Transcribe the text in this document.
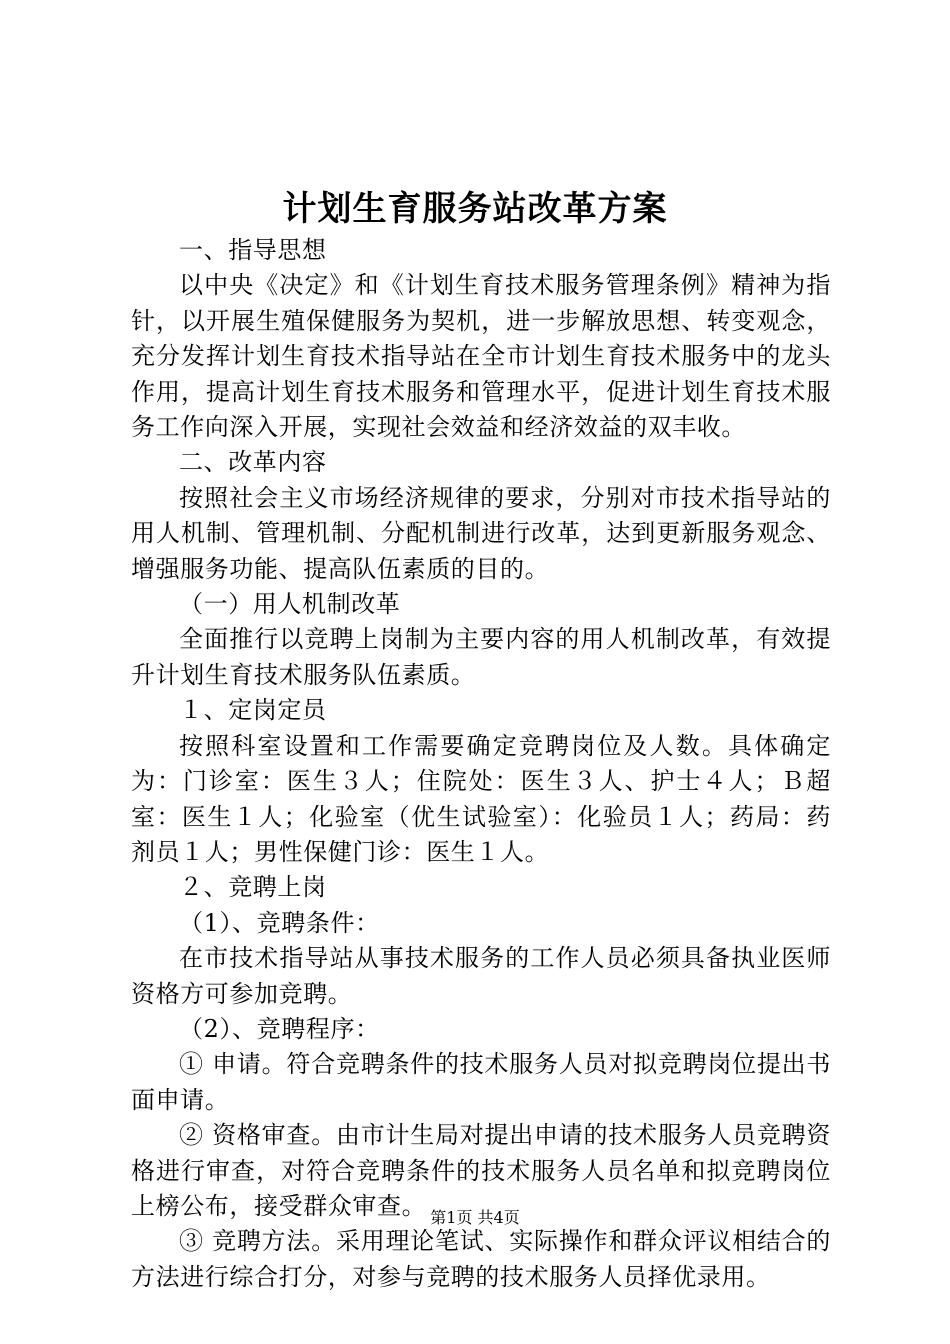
计划生育服务站改革方案

一、指导思想

以中央《决定》和《计划生育技术服务管理条例》精神为指针，以开展生殖保健服务为契机，进一步解放思想、转变观念，充分发挥计划生育技术指导站在全市计划生育技术服务中的龙头作用，提高计划生育技术服务和管理水平，促进计划生育技术服务工作向深入开展，实现社会效益和经济效益的双丰收。

二、改革内容

按照社会主义市场经济规律的要求，分别对市技术指导站的用人机制、管理机制、分配机制进行改革，达到更新服务观念、增强服务功能、提高队伍素质的目的。

（一）用人机制改革

全面推行以竞聘上岗制为主要内容的用人机制改革，有效提升计划生育技术服务队伍素质。

１、定岗定员

按照科室设置和工作需要确定竞聘岗位及人数。具体确定为：门诊室：医生３人；住院处：医生３人、护士４人；Ｂ超室：医生１人；化验室（优生试验室）：化验员１人；药局：药剂员１人；男性保健门诊：医生１人。

２、竞聘上岗

（1）、竞聘条件：

在市技术指导站从事技术服务的工作人员必须具备执业医师资格方可参加竞聘。

（2）、竞聘程序：

① 申请。符合竞聘条件的技术服务人员对拟竞聘岗位提出书面申请。

② 资格审查。由市计生局对提出申请的技术服务人员竞聘资格进行审查，对符合竞聘条件的技术服务人员名单和拟竞聘岗位上榜公布，接受群众审查。

③ 竞聘方法。采用理论笔试、实际操作和群众评议相结合的方法进行综合打分，对参与竞聘的技术服务人员择优录用。

第1页 共4页
